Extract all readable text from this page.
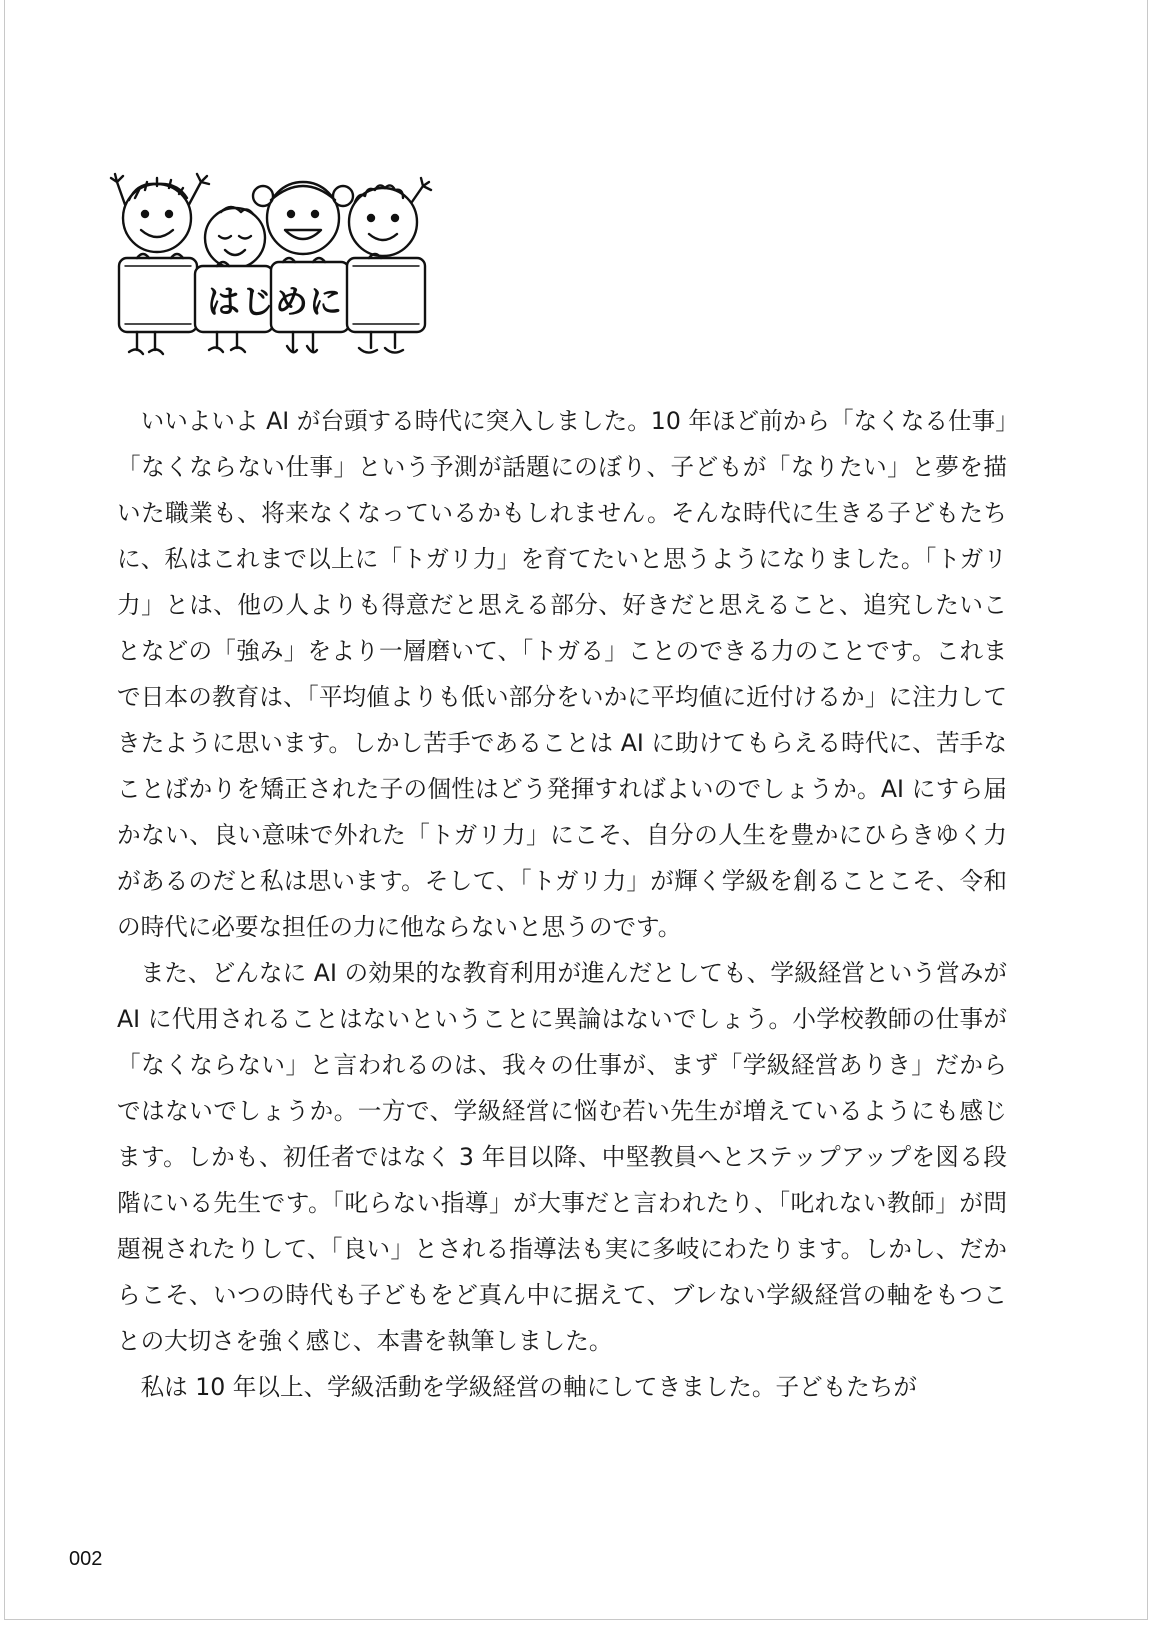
はじめに

いいよいよ AI が台頭する時代に突入しました。10 年ほど前から「なくなる仕事」「なくならない仕事」という予測が話題にのぼり、子どもが「なりたい」と夢を描いた職業も、将来なくなっているかもしれません。そんな時代に生きる子どもたちに、私はこれまで以上に「トガリ力」を育てたいと思うようになりました。「トガリ力」とは、他の人よりも得意だと思える部分、好きだと思えること、追究したいことなどの「強み」をより一層磨いて、「トガる」ことのできる力のことです。これまで日本の教育は、「平均値よりも低い部分をいかに平均値に近付けるか」に注力してきたように思います。しかし苦手であることは AI に助けてもらえる時代に、苦手なことばかりを矯正された子の個性はどう発揮すればよいのでしょうか。AI にすら届かない、良い意味で外れた「トガリ力」にこそ、自分の人生を豊かにひらきゆく力があるのだと私は思います。そして、「トガリ力」が輝く学級を創ることこそ、令和の時代に必要な担任の力に他ならないと思うのです。

また、どんなに AI の効果的な教育利用が進んだとしても、学級経営という営みが AI に代用されることはないということに異論はないでしょう。小学校教師の仕事が「なくならない」と言われるのは、我々の仕事が、まず「学級経営ありき」だからではないでしょうか。一方で、学級経営に悩む若い先生が増えているようにも感じます。しかも、初任者ではなく 3 年目以降、中堅教員へとステップアップを図る段階にいる先生です。「叱らない指導」が大事だと言われたり、「叱れない教師」が問題視されたりして、「良い」とされる指導法も実に多岐にわたります。しかし、だからこそ、いつの時代も子どもをど真ん中に据えて、ブレない学級経営の軸をもつことの大切さを強く感じ、本書を執筆しました。

私は 10 年以上、学級活動を学級経営の軸にしてきました。子どもたちが

002
